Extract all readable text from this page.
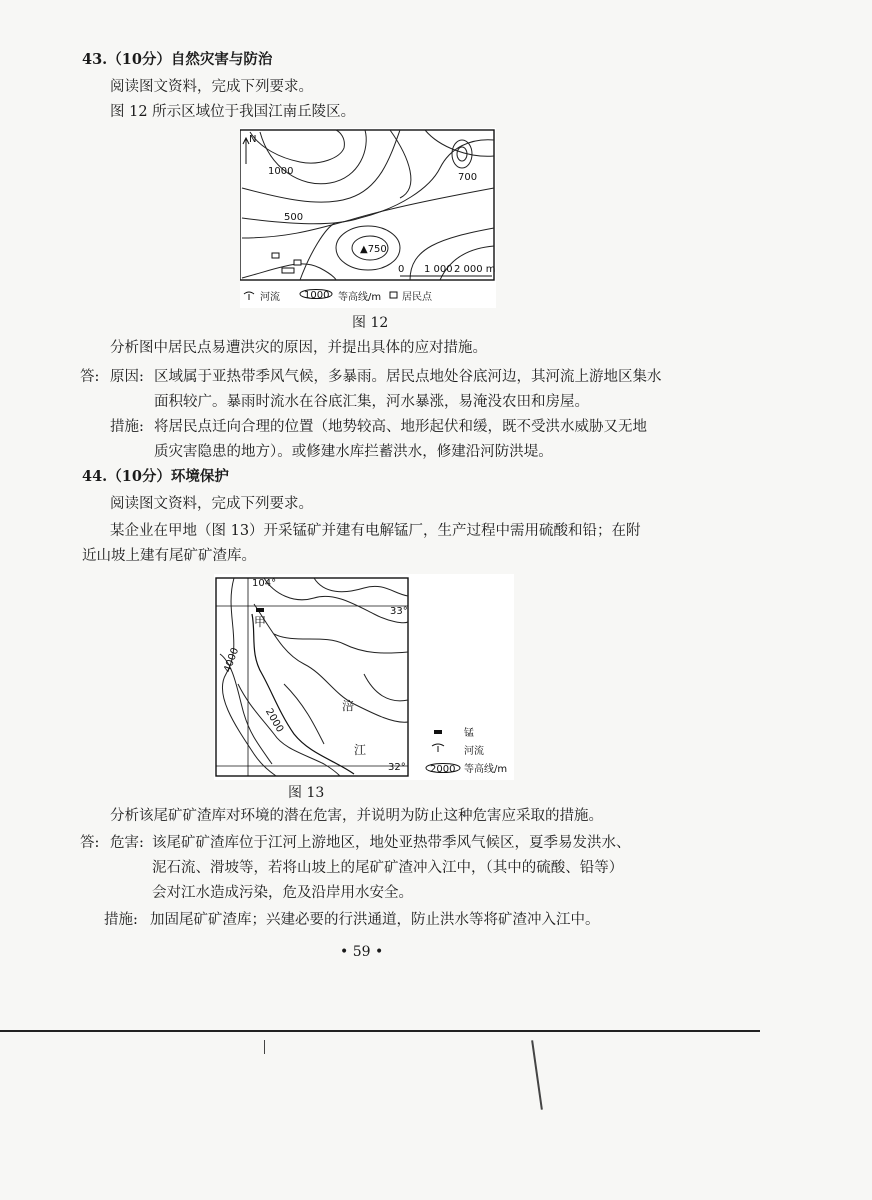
43.（10分）自然灾害与防治
阅读图文资料，完成下列要求。
图 12 所示区域位于我国江南丘陵区。
N
1000
500
700
▲750
0 1 000 2 000 m
河流 1000 等高线/m 居民点
图 12
分析图中居民点易遭洪灾的原因，并提出具体的应对措施。
答: 原因: 区域属于亚热带季风气候，多暴雨。居民点地处谷底河边，其河流上游地区集水
面积较广。暴雨时流水在谷底汇集，河水暴涨，易淹没农田和房屋。
措施: 将居民点迁向合理的位置（地势较高、地形起伏和缓，既不受洪水威胁又无地
质灾害隐患的地方）。或修建水库拦蓄洪水，修建沿河防洪堤。
44.（10分）环境保护
阅读图文资料，完成下列要求。
某企业在甲地（图 13）开采锰矿并建有电解锰厂，生产过程中需用硫酸和铅；在附
近山坡上建有尾矿矿渣库。
104°
33°
32°
甲
4000
2000
涪
江
锰
河流
2000 等高线/m
图 13
分析该尾矿矿渣库对环境的潜在危害，并说明为防止这种危害应采取的措施。
答: 危害: 该尾矿矿渣库位于江河上游地区，地处亚热带季风气候区，夏季易发洪水、
泥石流、滑坡等，若将山坡上的尾矿矿渣冲入江中，（其中的硫酸、铅等）
会对江水造成污染，危及沿岸用水安全。
措施: 加固尾矿矿渣库；兴建必要的行洪通道，防止洪水等将矿渣冲入江中。
• 59 •
